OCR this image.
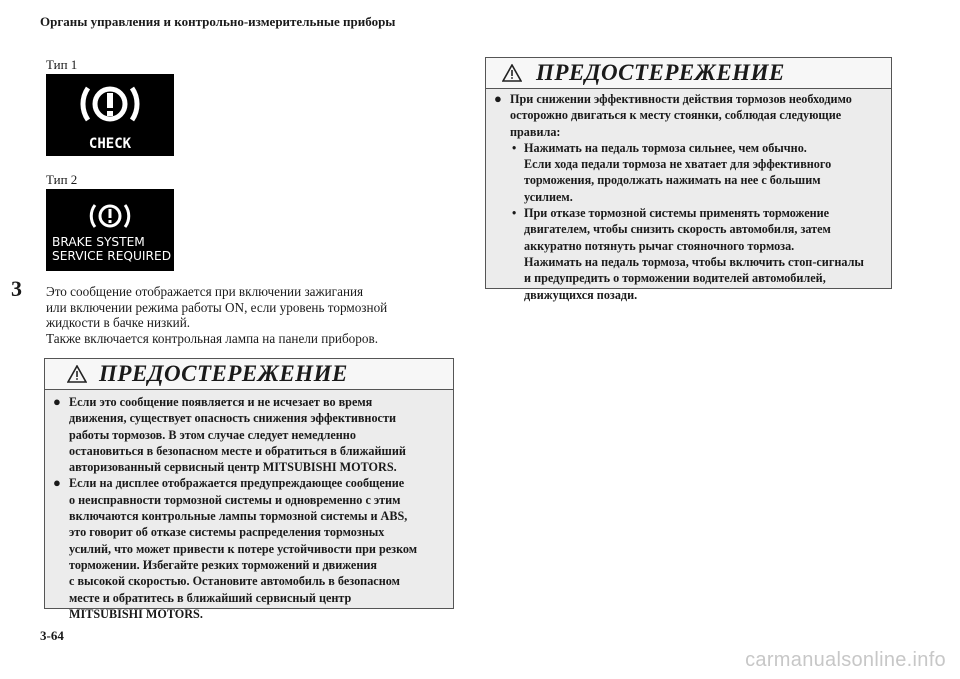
Органы управления и контрольно-измерительные приборы
Тип 1
CHECK
Тип 2
BRAKE SYSTEM
SERVICE REQUIRED
3 Это сообщение отображается при включении зажигания
или включении режима работы ON, если уровень тормозной
жидкости в бачке низкий.
Также включается контрольная лампа на панели приборов.
ПРЕДОСТЕРЕЖЕНИЕ
● Если это сообщение появляется и не исчезает во время
движения, существует опасность снижения эффективности
работы тормозов. В этом случае следует немедленно
остановиться в безопасном месте и обратиться в ближайший
авторизованный сервисный центр MITSUBISHI MOTORS.
● Если на дисплее отображается предупреждающее сообщение
о неисправности тормозной системы и одновременно с этим
включаются контрольные лампы тормозной системы и ABS,
это говорит об отказе системы распределения тормозных
усилий, что может привести к потере устойчивости при резком
торможении. Избегайте резких торможений и движения
с высокой скоростью. Остановите автомобиль в безопасном
месте и обратитесь в ближайший сервисный центр
MITSUBISHI MOTORS.
ПРЕДОСТЕРЕЖЕНИЕ
● При снижении эффективности действия тормозов необходимо
осторожно двигаться к месту стоянки, соблюдая следующие
правила:
• Нажимать на педаль тормоза сильнее, чем обычно.
Если хода педали тормоза не хватает для эффективного
торможения, продолжать нажимать на нее с большим
усилием.
• При отказе тормозной системы применять торможение
двигателем, чтобы снизить скорость автомобиля, затем
аккуратно потянуть рычаг стояночного тормоза.
Нажимать на педаль тормоза, чтобы включить стоп-сигналы
и предупредить о торможении водителей автомобилей,
движущихся позади.
3-64
carmanualsonline.info
